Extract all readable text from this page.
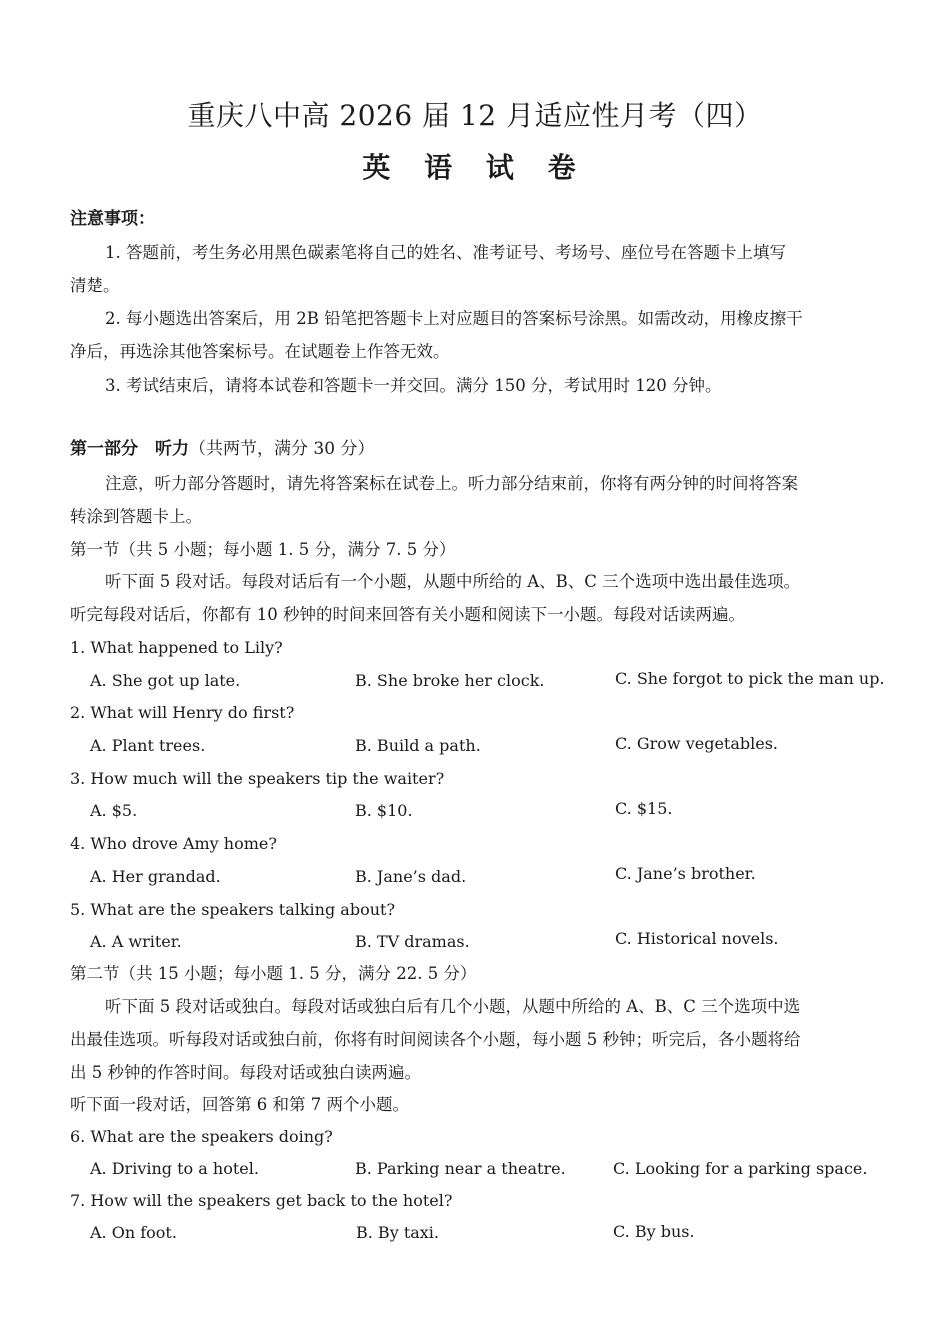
重庆八中高 2026 届 12 月适应性月考（四）
英 语 试 卷
注意事项：
1. 答题前，考生务必用黑色碳素笔将自己的姓名、准考证号、考场号、座位号在答题卡上填写
清楚。
2. 每小题选出答案后，用 2B 铅笔把答题卡上对应题目的答案标号涂黑。如需改动，用橡皮擦干
净后，再选涂其他答案标号。在试题卷上作答无效。
3. 考试结束后，请将本试卷和答题卡一并交回。满分 150 分，考试用时 120 分钟。
第一部分　听力（共两节，满分 30 分）
注意，听力部分答题时，请先将答案标在试卷上。听力部分结束前，你将有两分钟的时间将答案
转涂到答题卡上。
第一节（共 5 小题；每小题 1. 5 分，满分 7. 5 分）
听下面 5 段对话。每段对话后有一个小题，从题中所给的 A、B、C 三个选项中选出最佳选项。
听完每段对话后，你都有 10 秒钟的时间来回答有关小题和阅读下一小题。每段对话读两遍。
1. What happened to Lily?
A. She got up late.	B. She broke her clock.	C. She forgot to pick the man up.
2. What will Henry do first?
A. Plant trees.	B. Build a path.	C. Grow vegetables.
3. How much will the speakers tip the waiter?
A. $5.	B. $10.	C. $15.
4. Who drove Amy home?
A. Her grandad.	B. Jane’s dad.	C. Jane’s brother.
5. What are the speakers talking about?
A. A writer.	B. TV dramas.	C. Historical novels.
第二节（共 15 小题；每小题 1. 5 分，满分 22. 5 分）
听下面 5 段对话或独白。每段对话或独白后有几个小题，从题中所给的 A、B、C 三个选项中选
出最佳选项。听每段对话或独白前，你将有时间阅读各个小题，每小题 5 秒钟；听完后，各小题将给
出 5 秒钟的作答时间。每段对话或独白读两遍。
听下面一段对话，回答第 6 和第 7 两个小题。
6. What are the speakers doing?
A. Driving to a hotel.	B. Parking near a theatre.	C. Looking for a parking space.
7. How will the speakers get back to the hotel?
A. On foot.	B. By taxi.	C. By bus.
